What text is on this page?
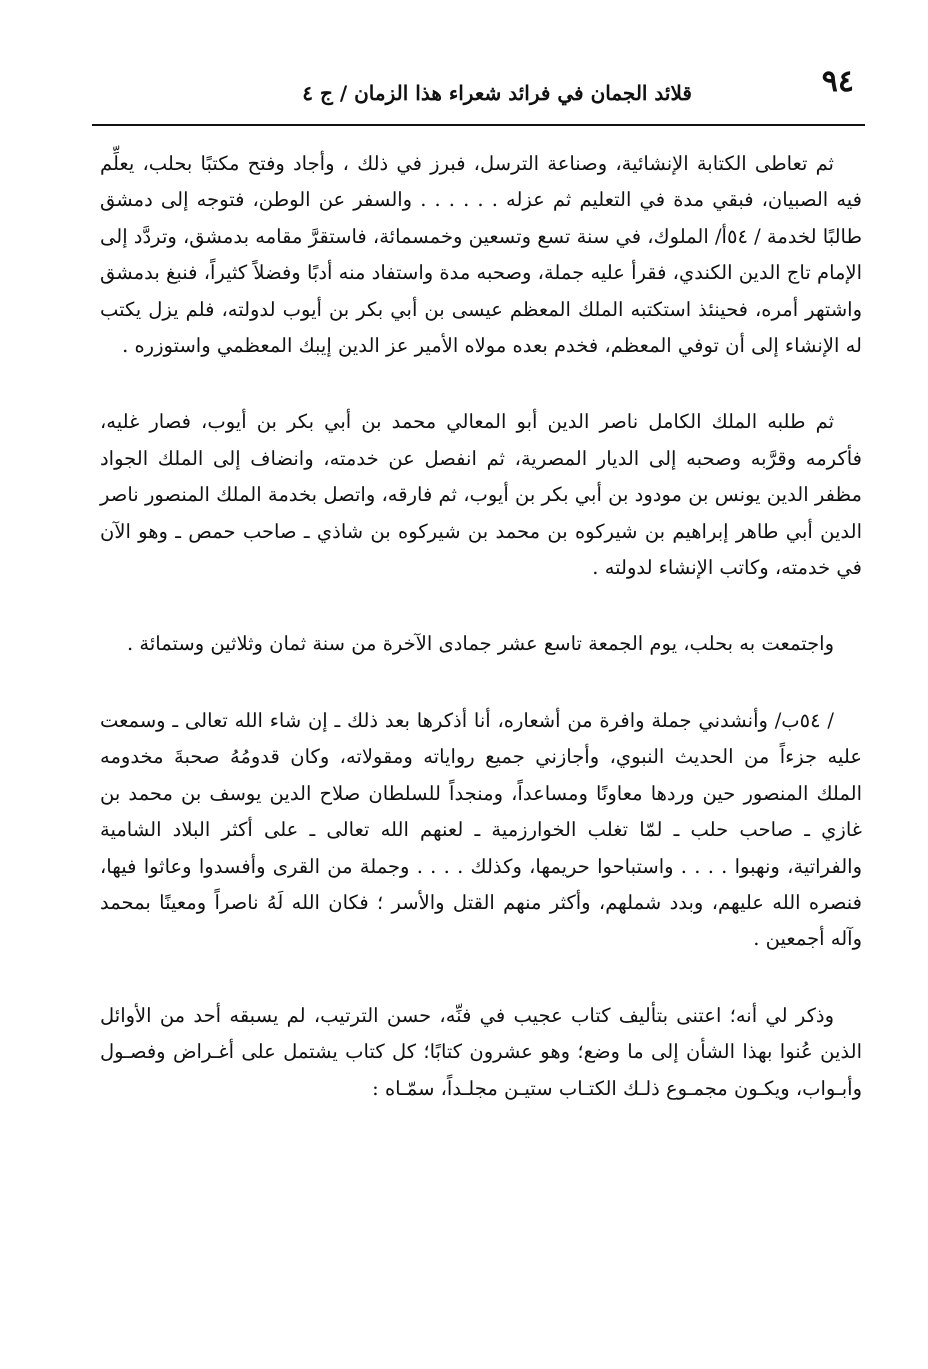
٩٤
قلائد الجمان في فرائد شعراء هذا الزمان / ج ٤

ثم تعاطى الكتابة الإنشائية، وصناعة الترسل، فبرز في ذلك ، وأجاد وفتح مكتبًا بحلب، يعلِّم فيه الصبيان، فبقي مدة في التعليم ثم عزله . . . . . . والسفر عن الوطن، فتوجه إلى دمشق طالبًا لخدمة / ٥٤أ/ الملوك، في سنة تسع وتسعين وخمسمائة، فاستقرَّ مقامه بدمشق، وتردَّد إلى الإمام تاج الدين الكندي، فقرأ عليه جملة، وصحبه مدة واستفاد منه أدبًا وفضلاً كثيراً، فنبغ بدمشق واشتهر أمره، فحينئذ استكتبه الملك المعظم عيسى بن أبي بكر بن أيوب لدولته، فلم يزل يكتب له الإنشاء إلى أن توفي المعظم، فخدم بعده مولاه الأمير عز الدين إيبك المعظمي واستوزره .

ثم طلبه الملك الكامل ناصر الدين أبو المعالي محمد بن أبي بكر بن أيوب، فصار غليه، فأكرمه وقرَّبه وصحبه إلى الديار المصرية، ثم انفصل عن خدمته، وانضاف إلى الملك الجواد مظفر الدين يونس بن مودود بن أبي بكر بن أيوب، ثم فارقه، واتصل بخدمة الملك المنصور ناصر الدين أبي طاهر إبراهيم بن شيركوه بن محمد بن شيركوه بن شاذي ـ صاحب حمص ـ وهو الآن في خدمته، وكاتب الإنشاء لدولته .

واجتمعت به بحلب، يوم الجمعة تاسع عشر جمادى الآخرة من سنة ثمان وثلاثين وستمائة .

/ ٥٤ب/ وأنشدني جملة وافرة من أشعاره، أنا أذكرها بعد ذلك ـ إن شاء الله تعالى ـ وسمعت عليه جزءاً من الحديث النبوي، وأجازني جميع رواياته ومقولاته، وكان قدومُهُ صحبةَ مخدومه الملك المنصور حين وردها معاونًا ومساعداً، ومنجداً للسلطان صلاح الدين يوسف بن محمد بن غازي ـ صاحب حلب ـ لمّا تغلب الخوارزمية ـ لعنهم الله تعالى ـ على أكثر البلاد الشامية والفراتية، ونهبوا . . . . واستباحوا حريمها، وكذلك . . . . وجملة من القرى وأفسدوا وعاثوا فيها، فنصره الله عليهم، وبدد شملهم، وأكثر منهم القتل والأسر ؛ فكان الله لَهُ ناصراً ومعينًا بمحمد وآله أجمعين .

وذكر لي أنه؛ اعتنى بتأليف كتاب عجيب في فنِّه، حسن الترتيب، لم يسبقه أحد من الأوائل الذين عُنوا بهذا الشأن إلى ما وضع؛ وهو عشرون كتابًا؛ كل كتاب يشتمل على أغـراض وفصـول وأبـواب، ويكـون مجمـوع ذلـك الكتـاب ستيـن مجلـداً، سمّـاه :
